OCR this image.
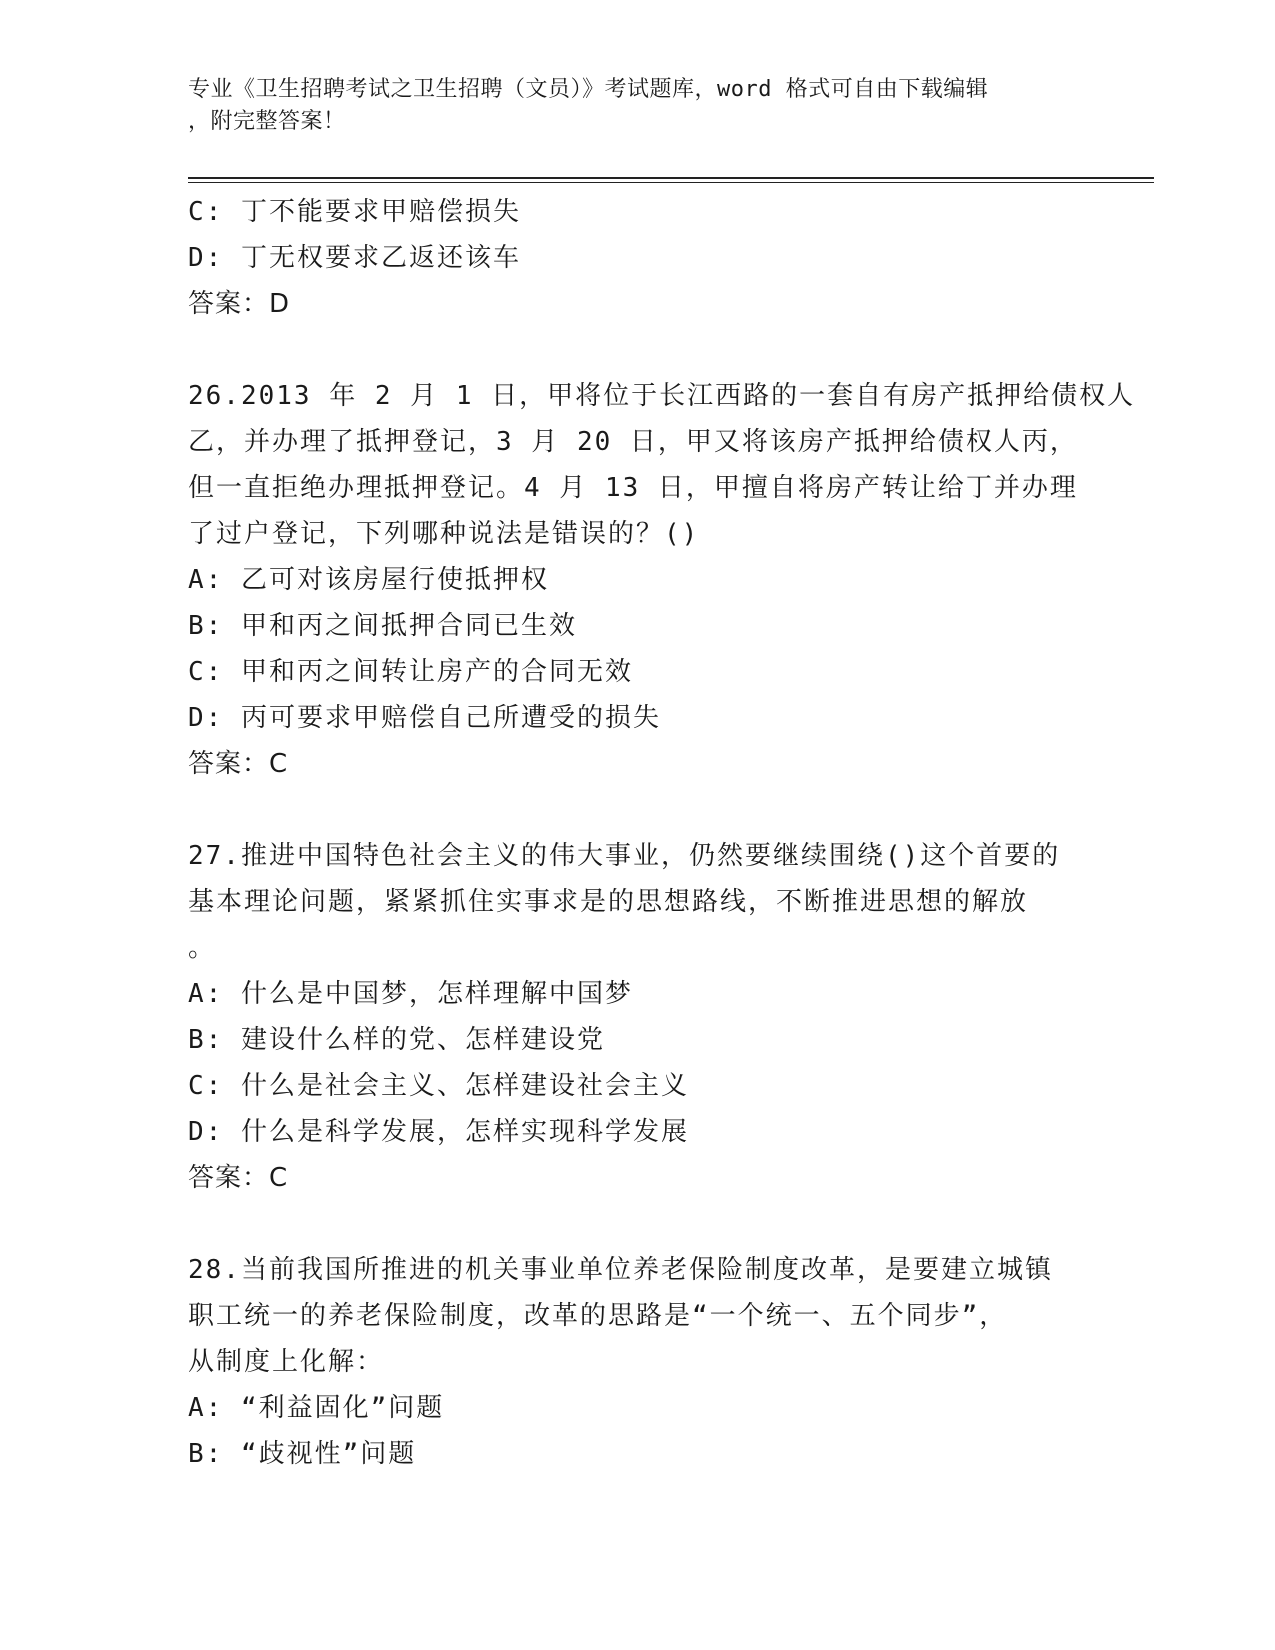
专业《卫生招聘考试之卫生招聘（文员）》考试题库，word 格式可自由下载编辑
，附完整答案！
C: 丁不能要求甲赔偿损失
D: 丁无权要求乙返还该车
答案：D
26.2013 年 2 月 1 日，甲将位于长江西路的一套自有房产抵押给债权人
乙，并办理了抵押登记，3 月 20 日，甲又将该房产抵押给债权人丙，
但一直拒绝办理抵押登记。4 月 13 日，甲擅自将房产转让给丁并办理
了过户登记，下列哪种说法是错误的？()
A: 乙可对该房屋行使抵押权
B: 甲和丙之间抵押合同已生效
C: 甲和丙之间转让房产的合同无效
D: 丙可要求甲赔偿自己所遭受的损失
答案：C
27.推进中国特色社会主义的伟大事业，仍然要继续围绕()这个首要的
基本理论问题，紧紧抓住实事求是的思想路线，不断推进思想的解放
。
A: 什么是中国梦，怎样理解中国梦
B: 建设什么样的党、怎样建设党
C: 什么是社会主义、怎样建设社会主义
D: 什么是科学发展，怎样实现科学发展
答案：C
28.当前我国所推进的机关事业单位养老保险制度改革，是要建立城镇
职工统一的养老保险制度，改革的思路是“一个统一、五个同步”，
从制度上化解：
A: “利益固化”问题
B: “歧视性”问题
